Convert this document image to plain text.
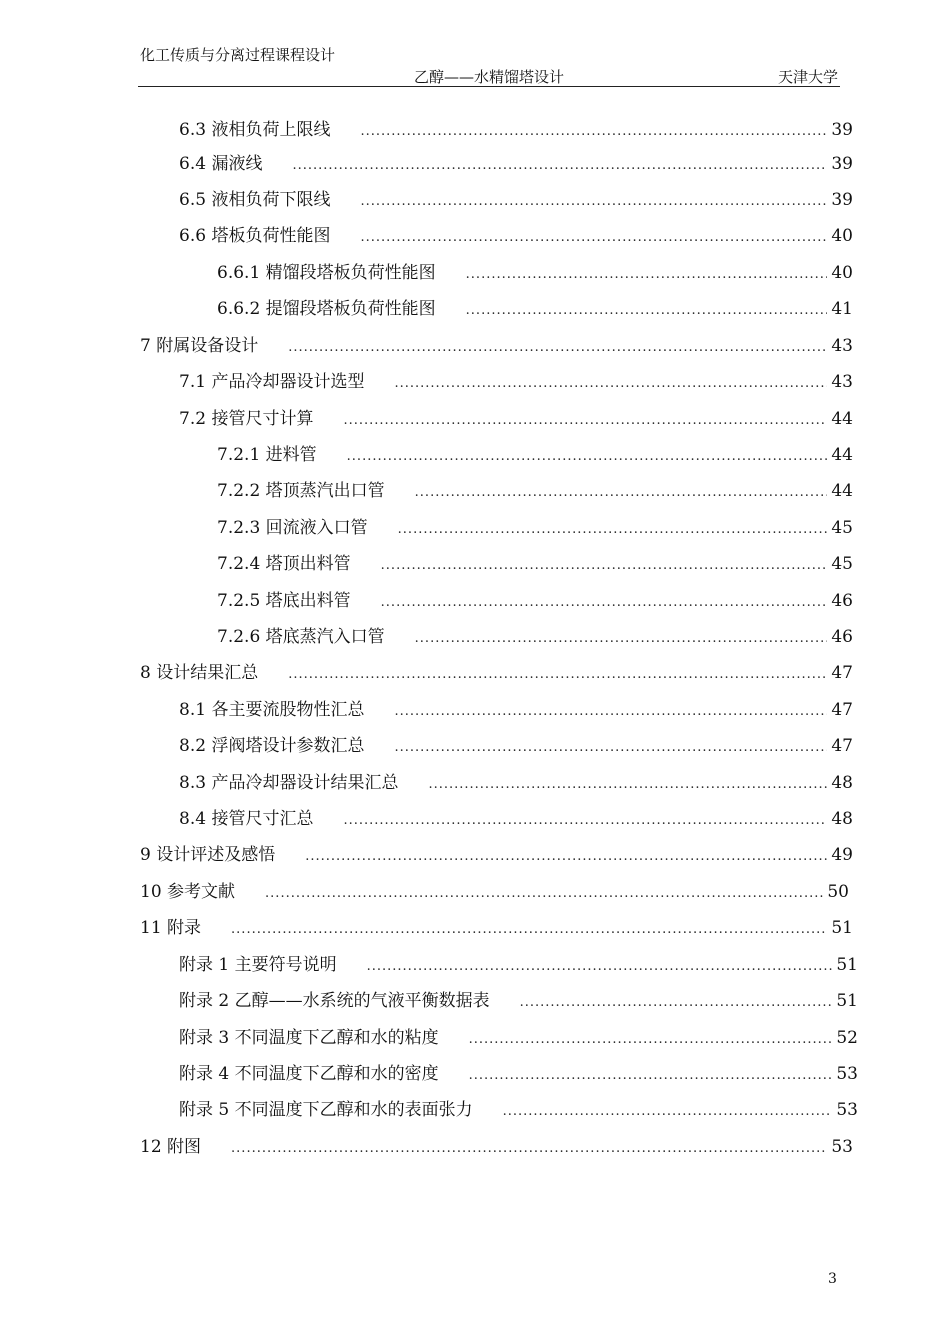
化工传质与分离过程课程设计
乙醇——水精馏塔设计	天津大学
6.3 液相负荷上限线 .....	39
6.4 漏液线 .....	39
6.5 液相负荷下限线 .....	39
6.6 塔板负荷性能图 .....	40
6.6.1 精馏段塔板负荷性能图 .....	40
6.6.2 提馏段塔板负荷性能图 .....	41
7 附属设备设计 .....	43
7.1 产品冷却器设计选型 .....	43
7.2 接管尺寸计算 .....	44
7.2.1 进料管 .....	44
7.2.2 塔顶蒸汽出口管 .....	44
7.2.3 回流液入口管 .....	45
7.2.4 塔顶出料管 .....	45
7.2.5 塔底出料管 .....	46
7.2.6 塔底蒸汽入口管 .....	46
8 设计结果汇总 .....	47
8.1 各主要流股物性汇总 .....	47
8.2 浮阀塔设计参数汇总 .....	47
8.3 产品冷却器设计结果汇总 .....	48
8.4 接管尺寸汇总 .....	48
9 设计评述及感悟 .....	49
10 参考文献 .....	50
11 附录 .....	51
附录 1 主要符号说明 .....	51
附录 2 乙醇——水系统的气液平衡数据表 .....	51
附录 3 不同温度下乙醇和水的粘度 .....	52
附录 4 不同温度下乙醇和水的密度 .....	53
附录 5 不同温度下乙醇和水的表面张力 .....	53
12 附图 .....	53
3
